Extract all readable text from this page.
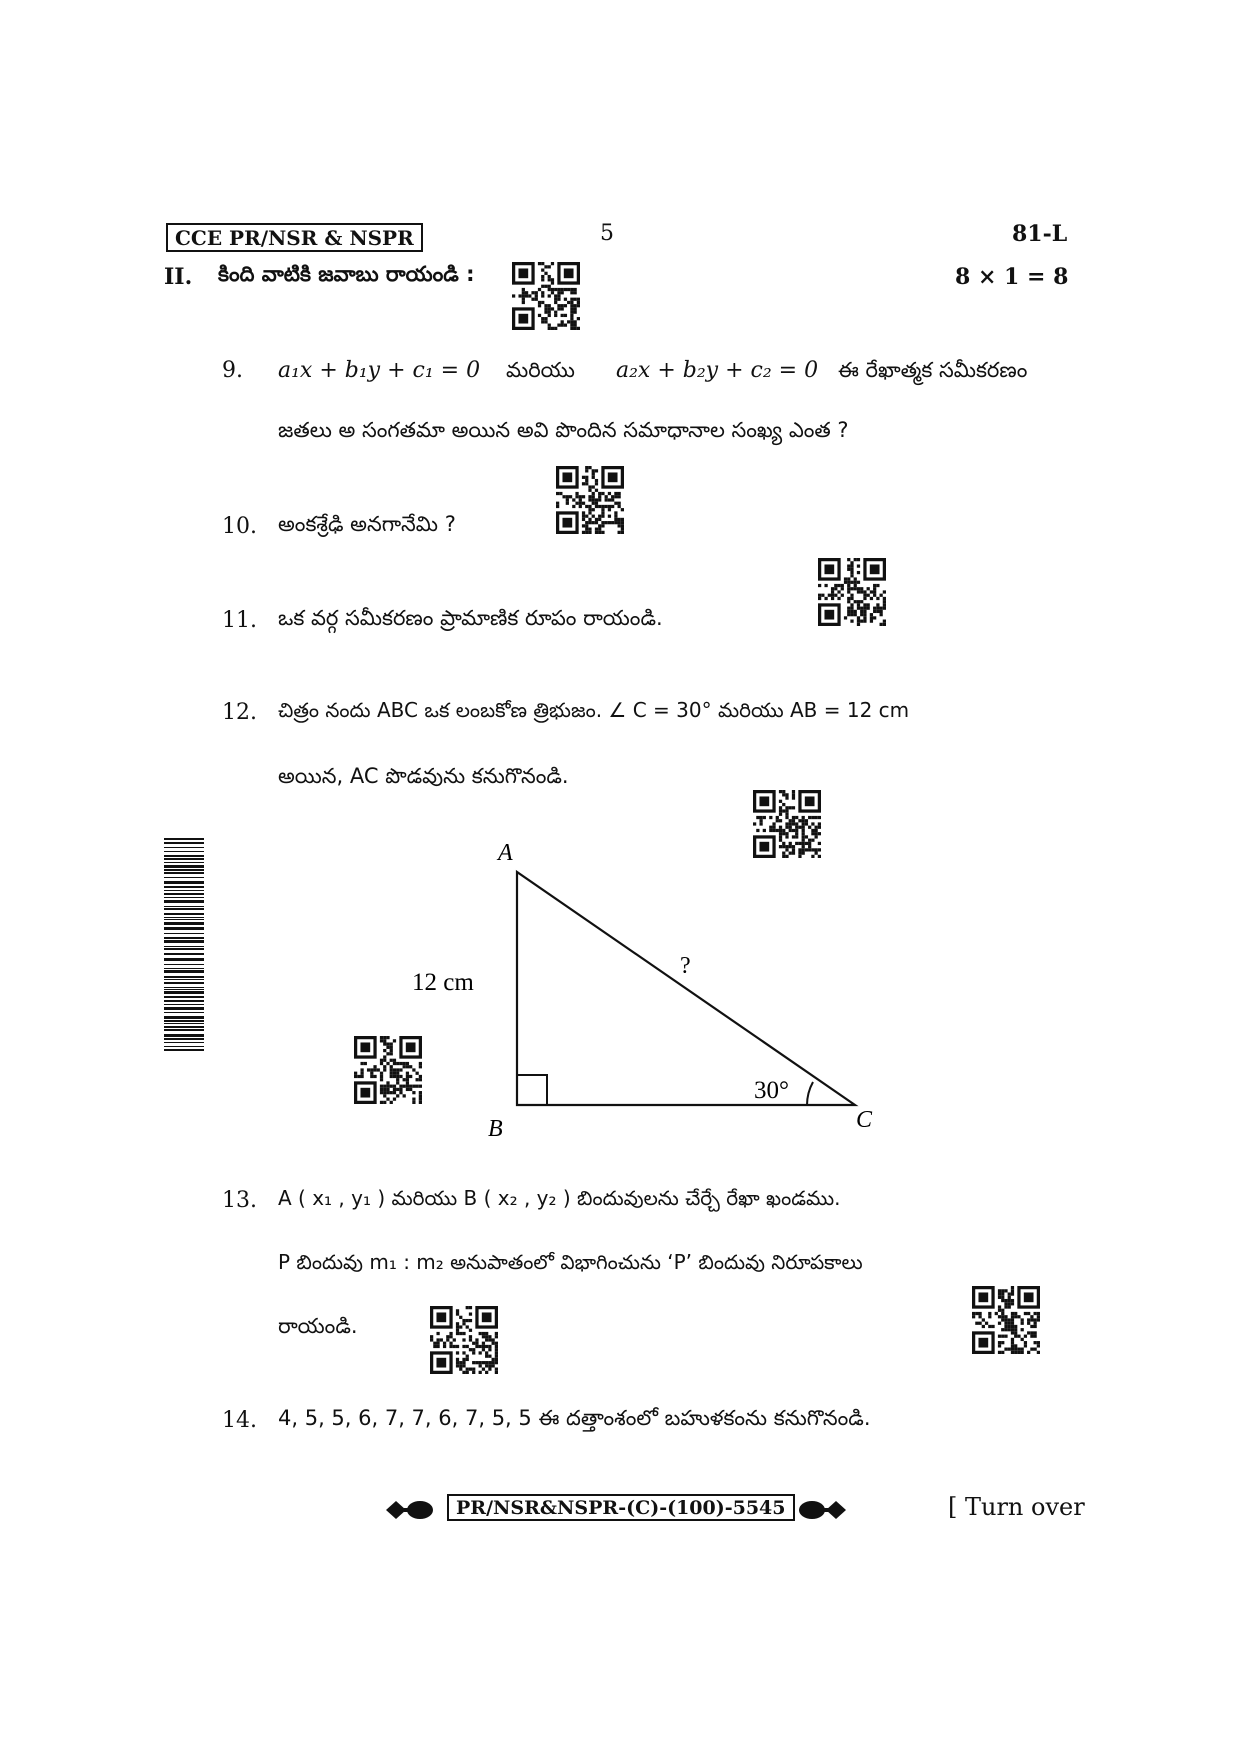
CCE PR/NSR & NSPR	5	81-L
II. కింది వాటికి జవాబు రాయండి :	8 × 1 = 8
9. a₁x + b₁y + c₁ = 0 మరియు a₂x + b₂y + c₂ = 0 ఈ రేఖాత్మక సమీకరణం
జతలు అ సంగతమా అయిన అవి పొందిన సమాధానాల సంఖ్య ఎంత ?
10. అంకశ్రేఢి అనగానేమి ?
11. ఒక వర్గ సమీకరణం ప్రామాణిక రూపం రాయండి.
12. చిత్రం నందు ABC ఒక లంబకోణ త్రిభుజం. ∠ C = 30° మరియు AB = 12 cm
అయిన, AC పొడవును కనుగొనండి.
A
B	C
12 cm
?
30°
13. A ( x₁ , y₁ ) మరియు B ( x₂ , y₂ ) బిందువులను చేర్చే రేఖా ఖండము.
P బిందువు m₁ : m₂ అనుపాతంలో విభాగించును ‘P’ బిందువు నిరూపకాలు
రాయండి.
14. 4, 5, 5, 6, 7, 7, 6, 7, 5, 5 ఈ దత్తాంశంలో బహుళకంను కనుగొనండి.
PR/NSR&NSPR-(C)-(100)-5545	[ Turn over
